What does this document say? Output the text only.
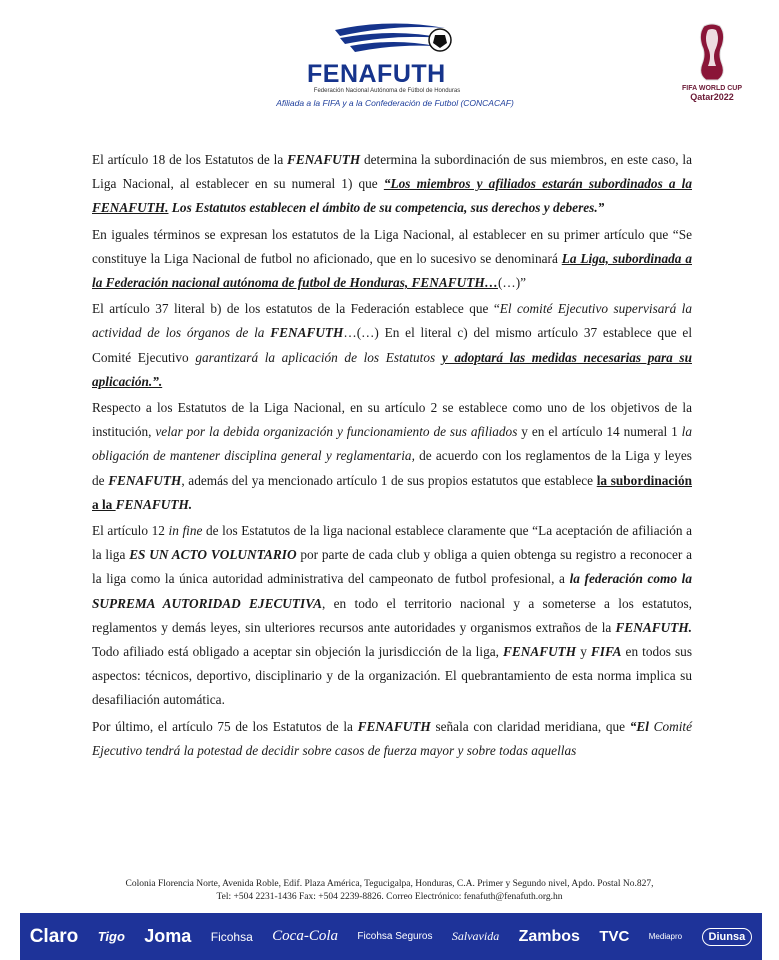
FENAFUTH
Federación Nacional Autónoma de Fútbol de Honduras
Afiliada a la FIFA y a la Confederación de Futbol (CONCACAF)
FIFA WORLD CUP
Qatar2022

El artículo 18 de los Estatutos de la FENAFUTH determina la subordinación de sus miembros, en este caso, la Liga Nacional, al establecer en su numeral 1) que “Los miembros y afiliados estarán subordinados a la FENAFUTH. Los Estatutos establecen el ámbito de su competencia, sus derechos y deberes.”

En iguales términos se expresan los estatutos de la Liga Nacional, al establecer en su primer artículo que “Se constituye la Liga Nacional de futbol no aficionado, que en lo sucesivo se denominará La Liga, subordinada a la Federación nacional autónoma de futbol de Honduras, FENAFUTH…(…)”

El artículo 37 literal b) de los estatutos de la Federación establece que “El comité Ejecutivo supervisará la actividad de los órganos de la FENAFUTH…(…) En el literal c) del mismo artículo 37 establece que el Comité Ejecutivo garantizará la aplicación de los Estatutos y adoptará las medidas necesarias para su aplicación.”.

Respecto a los Estatutos de la Liga Nacional, en su artículo 2 se establece como uno de los objetivos de la institución, velar por la debida organización y funcionamiento de sus afiliados y en el artículo 14 numeral 1 la obligación de mantener disciplina general y reglamentaria, de acuerdo con los reglamentos de la Liga y leyes de FENAFUTH, además del ya mencionado artículo 1 de sus propios estatutos que establece la subordinación a la FENAFUTH.

El artículo 12 in fine de los Estatutos de la liga nacional establece claramente que “La aceptación de afiliación a la liga ES UN ACTO VOLUNTARIO por parte de cada club y obliga a quien obtenga su registro a reconocer a la liga como la única autoridad administrativa del campeonato de futbol profesional, a la federación como la SUPREMA AUTORIDAD EJECUTIVA, en todo el territorio nacional y a someterse a los estatutos, reglamentos y demás leyes, sin ulteriores recursos ante autoridades y organismos extraños de la FENAFUTH. Todo afiliado está obligado a aceptar sin objeción la jurisdicción de la liga, FENAFUTH y FIFA en todos sus aspectos: técnicos, deportivo, disciplinario y de la organización. El quebrantamiento de esta norma implica su desafiliación automática.

Por último, el artículo 75 de los Estatutos de la FENAFUTH señala con claridad meridiana, que “El Comité Ejecutivo tendrá la potestad de decidir sobre casos de fuerza mayor y sobre todas aquellas

Colonia Florencia Norte, Avenida Roble, Edif. Plaza América, Tegucigalpa, Honduras, C.A. Primer y Segundo nivel, Apdo. Postal No.827,
Tel: +504 2231-1436 Fax: +504 2239-8826. Correo Electrónico: fenafuth@fenafuth.org.hn
Claro Tigo Joma Ficohsa Coca-Cola Ficohsa Seguros Salvavida Zambos TVC Mediapro	Diunsa
